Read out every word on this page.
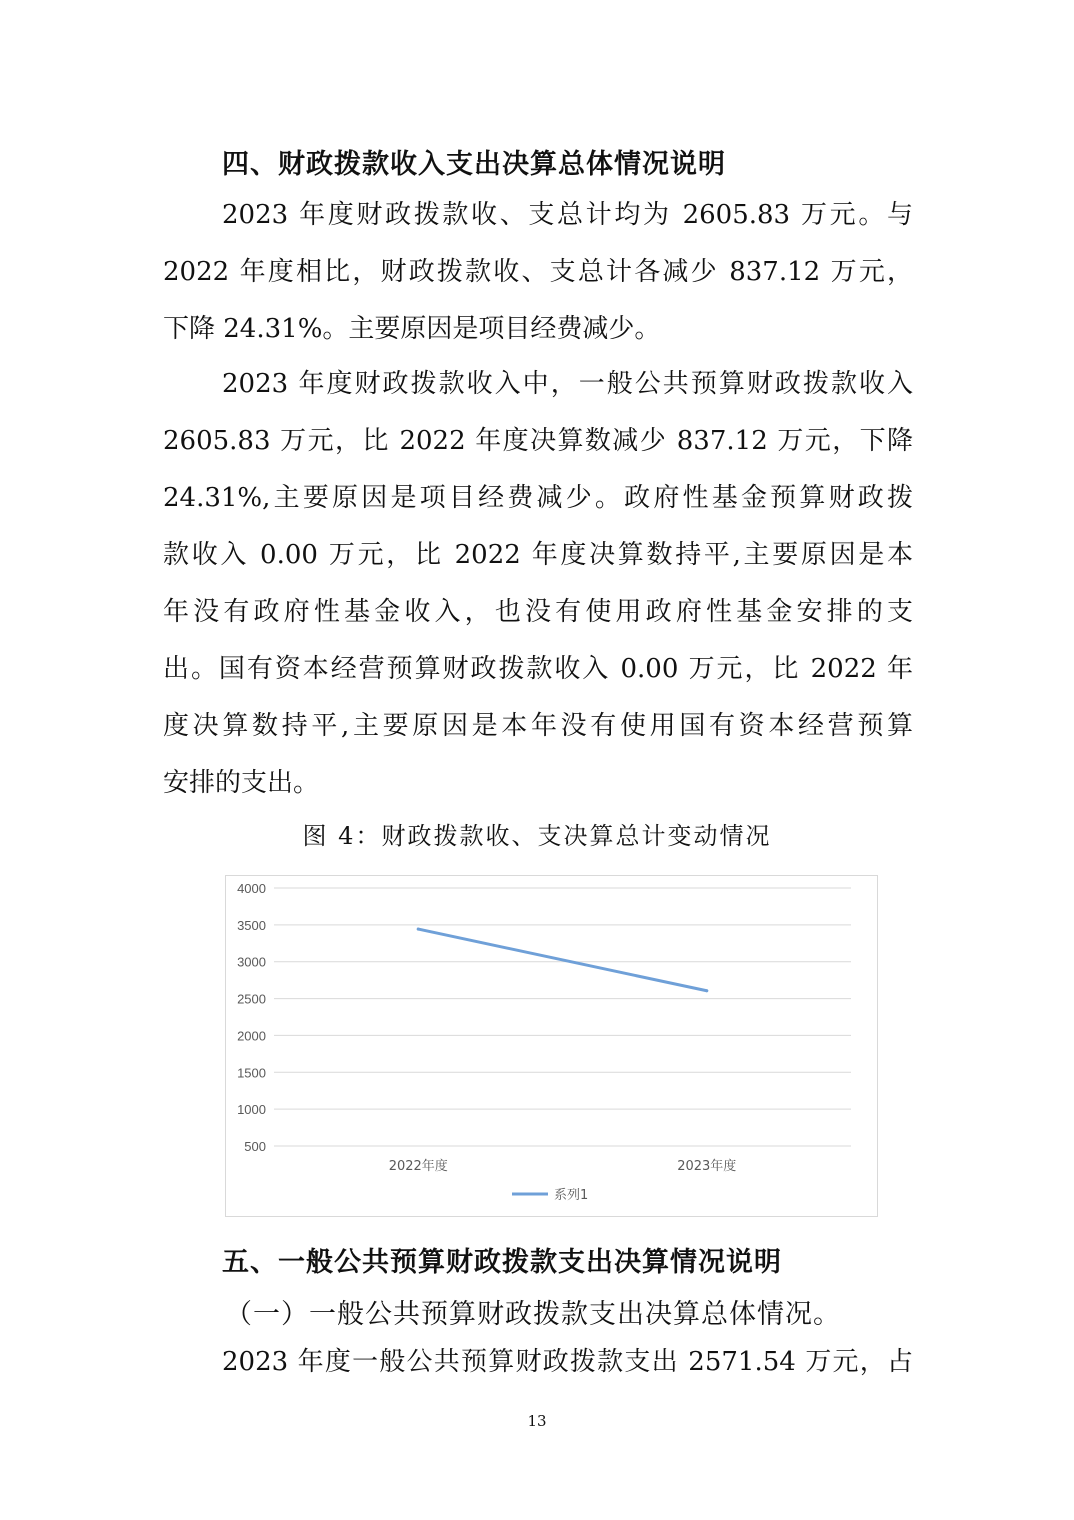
四、财政拨款收入支出决算总体情况说明
2023 年度财政拨款收、支总计均为 2605.83 万元。与
2022 年度相比，财政拨款收、支总计各减少 837.12 万元，
下降 24.31%。主要原因是项目经费减少。
2023 年度财政拨款收入中，一般公共预算财政拨款收入
2605.83 万元，比 2022 年度决算数减少 837.12 万元，下降
24.31%,主要原因是项目经费减少。政府性基金预算财政拨
款收入 0.00 万元，比 2022 年度决算数持平,主要原因是本
年没有政府性基金收入，也没有使用政府性基金安排的支
出。国有资本经营预算财政拨款收入 0.00 万元，比 2022 年
度决算数持平,主要原因是本年没有使用国有资本经营预算
安排的支出。
图 4：财政拨款收、支决算总计变动情况
4000
3500
3000
2500
2000
1500
1000
500
2022年度	2023年度
系列1
五、一般公共预算财政拨款支出决算情况说明
（一）一般公共预算财政拨款支出决算总体情况。
2023 年度一般公共预算财政拨款支出 2571.54 万元，占
13
